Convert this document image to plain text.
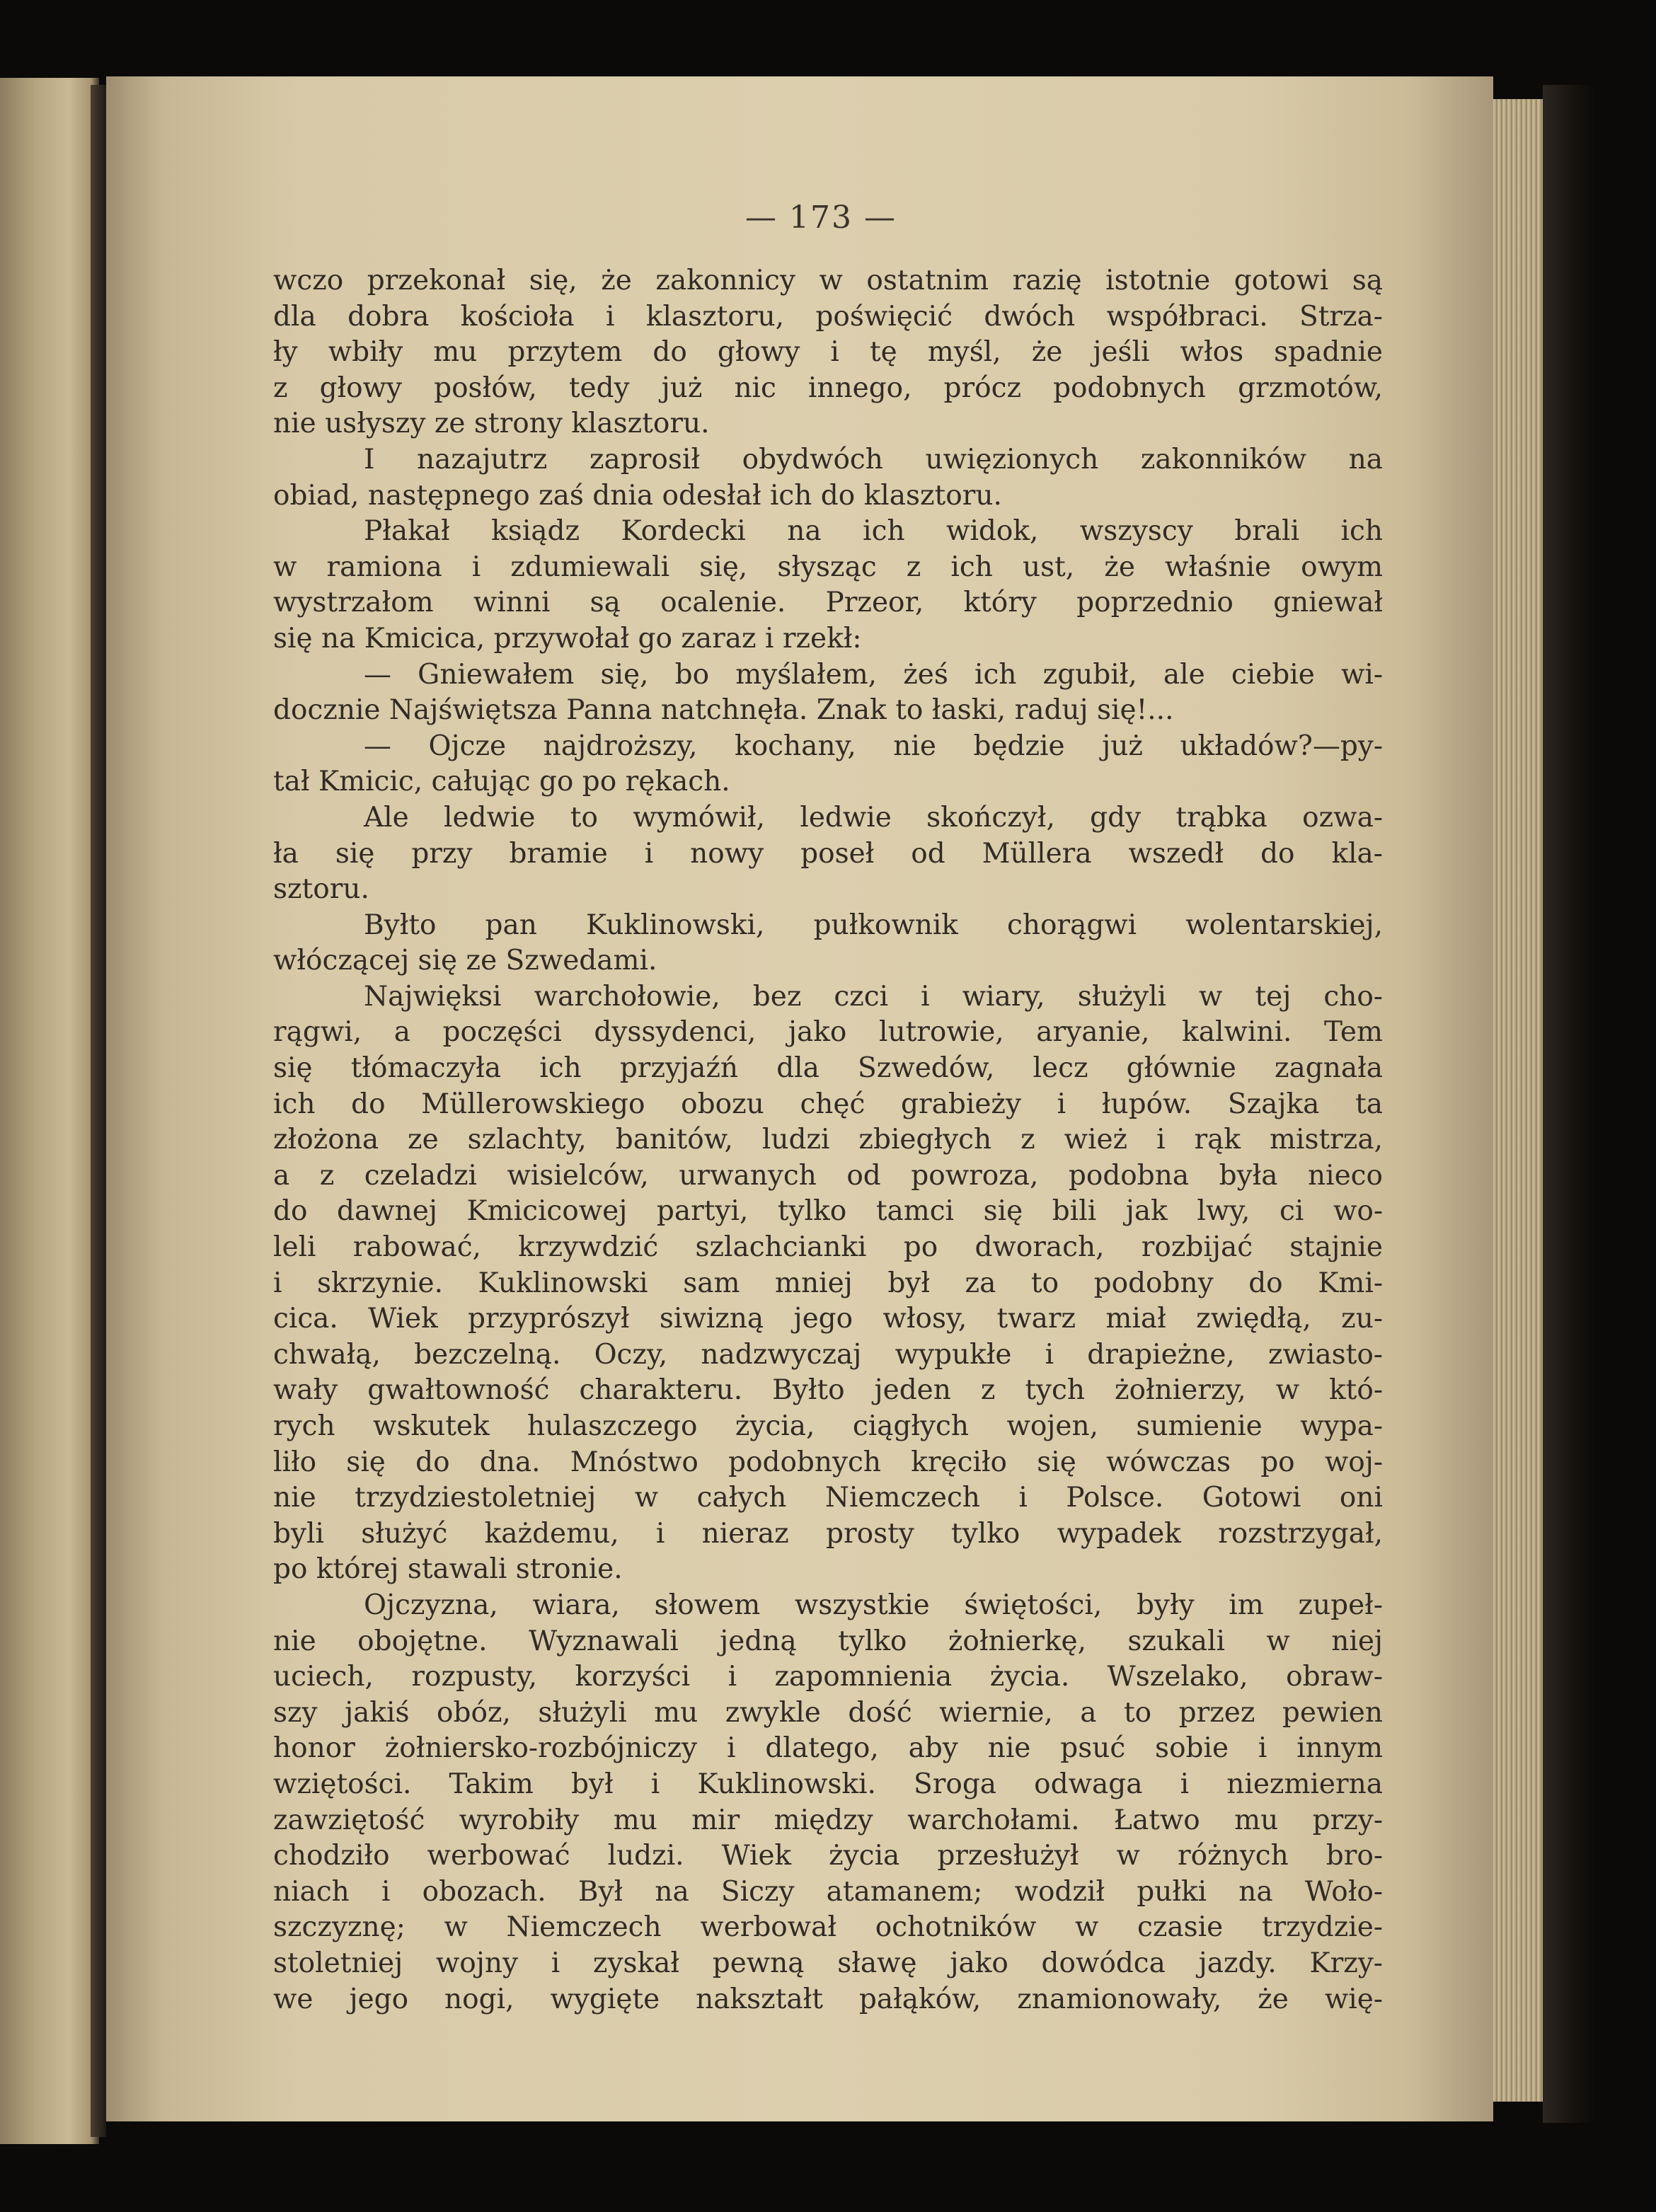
— 173 —
wczo przekonał się, że zakonnicy w ostatnim razię istotnie gotowi są
dla dobra kościoła i klasztoru, poświęcić dwóch współbraci. Strza-
ły wbiły mu przytem do głowy i tę myśl, że jeśli włos spadnie
z głowy posłów, tedy już nic innego, prócz podobnych grzmotów,
nie usłyszy ze strony klasztoru.
I nazajutrz zaprosił obydwóch uwięzionych zakonników na
obiad, następnego zaś dnia odesłał ich do klasztoru.
Płakał ksiądz Kordecki na ich widok, wszyscy brali ich
w ramiona i zdumiewali się, słysząc z ich ust, że właśnie owym
wystrzałom winni są ocalenie. Przeor, który poprzednio gniewał
się na Kmicica, przywołał go zaraz i rzekł:
— Gniewałem się, bo myślałem, żeś ich zgubił, ale ciebie wi-
docznie Najświętsza Panna natchnęła. Znak to łaski, raduj się!...
— Ojcze najdroższy, kochany, nie będzie już układów?—py-
tał Kmicic, całując go po rękach.
Ale ledwie to wymówił, ledwie skończył, gdy trąbka ozwa-
ła się przy bramie i nowy poseł od Müllera wszedł do kla-
sztoru.
Byłto pan Kuklinowski, pułkownik chorągwi wolentarskiej,
włóczącej się ze Szwedami.
Najwięksi warchołowie, bez czci i wiary, służyli w tej cho-
rągwi, a poczęści dyssydenci, jako lutrowie, aryanie, kalwini. Tem
się tłómaczyła ich przyjaźń dla Szwedów, lecz głównie zagnała
ich do Müllerowskiego obozu chęć grabieży i łupów. Szajka ta
złożona ze szlachty, banitów, ludzi zbiegłych z wież i rąk mistrza,
a z czeladzi wisielców, urwanych od powroza, podobna była nieco
do dawnej Kmicicowej partyi, tylko tamci się bili jak lwy, ci wo-
leli rabować, krzywdzić szlachcianki po dworach, rozbijać stajnie
i skrzynie. Kuklinowski sam mniej był za to podobny do Kmi-
cica. Wiek przyprószył siwizną jego włosy, twarz miał zwiędłą, zu-
chwałą, bezczelną. Oczy, nadzwyczaj wypukłe i drapieżne, zwiasto-
wały gwałtowność charakteru. Byłto jeden z tych żołnierzy, w któ-
rych wskutek hulaszczego życia, ciągłych wojen, sumienie wypa-
liło się do dna. Mnóstwo podobnych kręciło się wówczas po woj-
nie trzydziestoletniej w całych Niemczech i Polsce. Gotowi oni
byli służyć każdemu, i nieraz prosty tylko wypadek rozstrzygał,
po której stawali stronie.
Ojczyzna, wiara, słowem wszystkie świętości, były im zupeł-
nie obojętne. Wyznawali jedną tylko żołnierkę, szukali w niej
uciech, rozpusty, korzyści i zapomnienia życia. Wszelako, obraw-
szy jakiś obóz, służyli mu zwykle dość wiernie, a to przez pewien
honor żołniersko-rozbójniczy i dlatego, aby nie psuć sobie i innym
wziętości. Takim był i Kuklinowski. Sroga odwaga i niezmierna
zawziętość wyrobiły mu mir między warchołami. Łatwo mu przy-
chodziło werbować ludzi. Wiek życia przesłużył w różnych bro-
niach i obozach. Był na Siczy atamanem; wodził pułki na Woło-
szczyznę; w Niemczech werbował ochotników w czasie trzydzie-
stoletniej wojny i zyskał pewną sławę jako dowódca jazdy. Krzy-
we jego nogi, wygięte nakształt pałąków, znamionowały, że wię-
